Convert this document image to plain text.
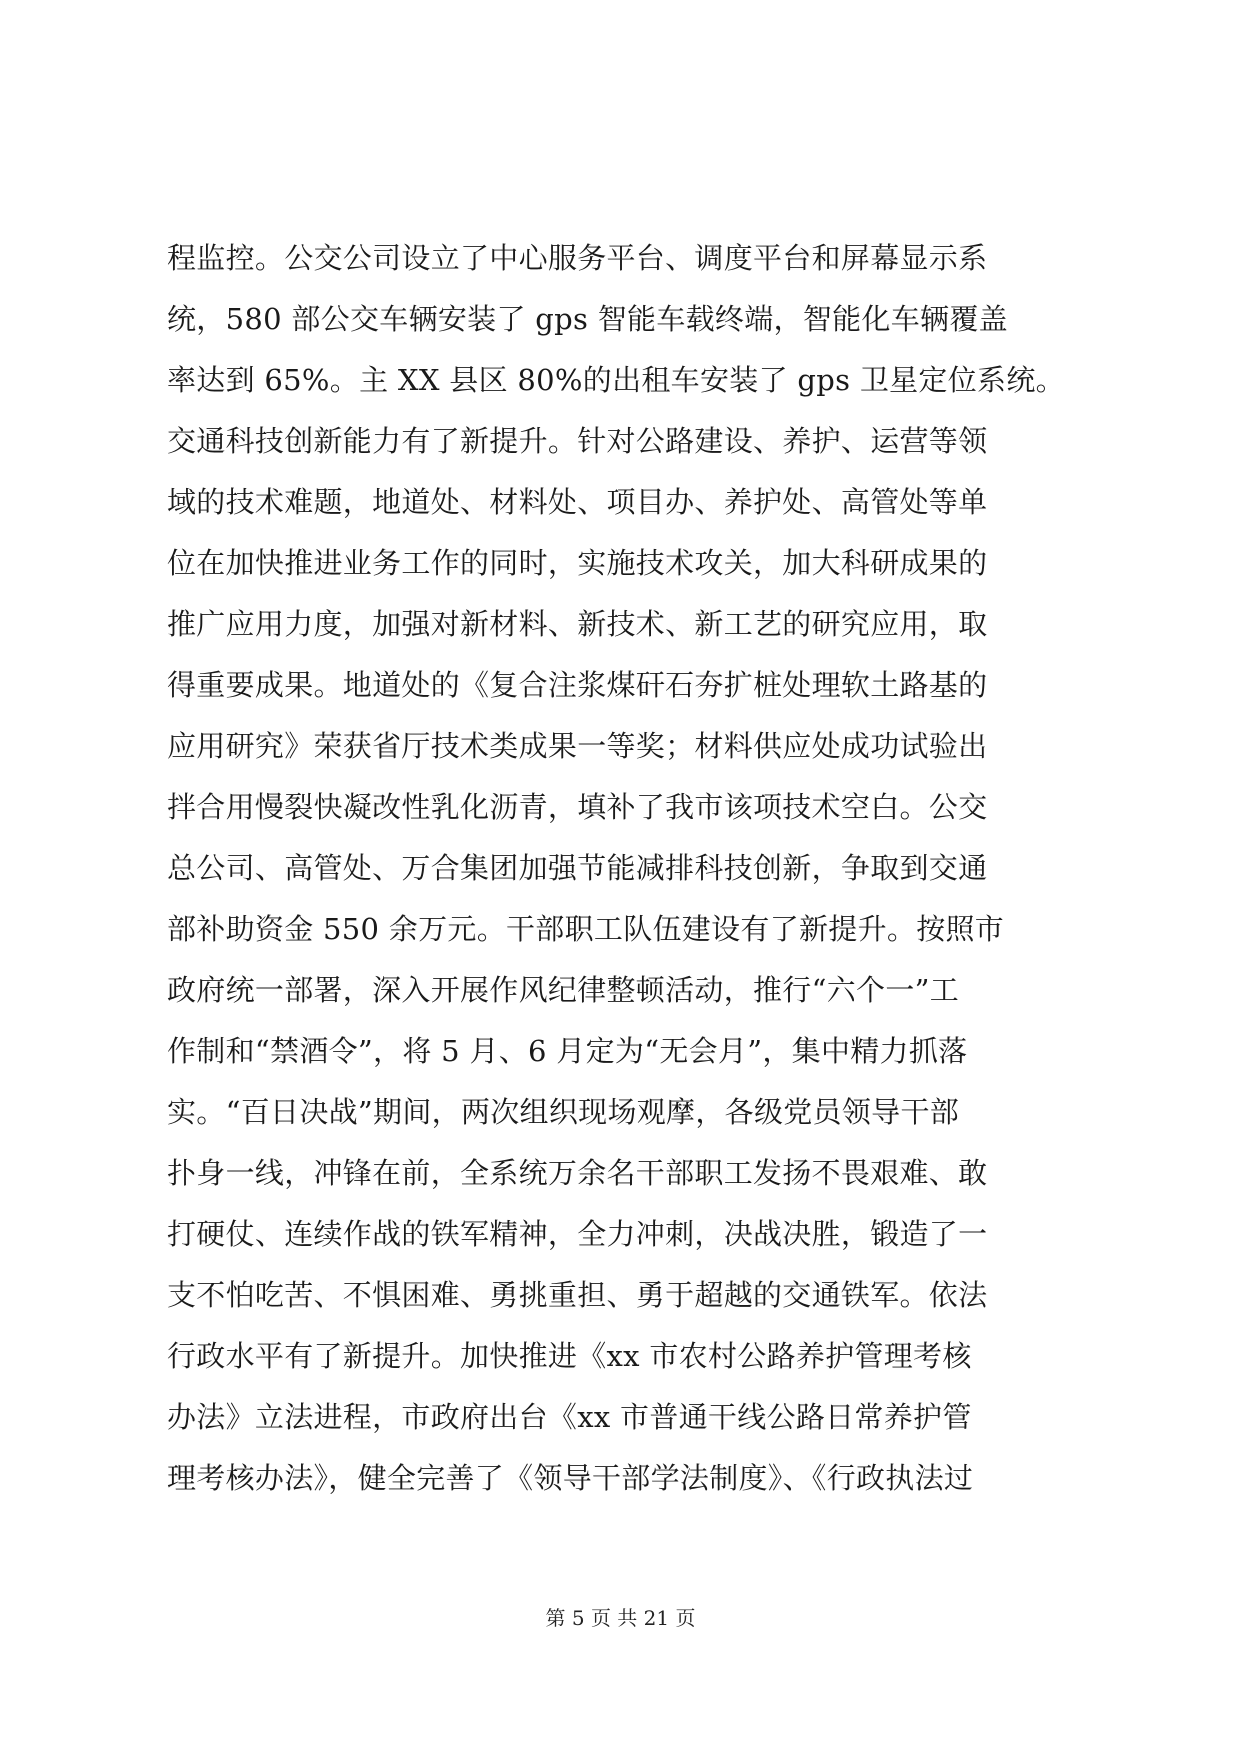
程监控。公交公司设立了中心服务平台、调度平台和屏幕显示系
统，580 部公交车辆安装了 gps 智能车载终端，智能化车辆覆盖
率达到 65%。主 XX 县区 80%的出租车安装了 gps 卫星定位系统。
交通科技创新能力有了新提升。针对公路建设、养护、运营等领
域的技术难题，地道处、材料处、项目办、养护处、高管处等单
位在加快推进业务工作的同时，实施技术攻关，加大科研成果的
推广应用力度，加强对新材料、新技术、新工艺的研究应用，取
得重要成果。地道处的《复合注浆煤矸石夯扩桩处理软土路基的
应用研究》荣获省厅技术类成果一等奖；材料供应处成功试验出
拌合用慢裂快凝改性乳化沥青，填补了我市该项技术空白。公交
总公司、高管处、万合集团加强节能减排科技创新，争取到交通
部补助资金 550 余万元。干部职工队伍建设有了新提升。按照市
政府统一部署，深入开展作风纪律整顿活动，推行“六个一”工
作制和“禁酒令”，将 5 月、6 月定为“无会月”，集中精力抓落
实。“百日决战”期间，两次组织现场观摩，各级党员领导干部
扑身一线，冲锋在前，全系统万余名干部职工发扬不畏艰难、敢
打硬仗、连续作战的铁军精神，全力冲刺，决战决胜，锻造了一
支不怕吃苦、不惧困难、勇挑重担、勇于超越的交通铁军。依法
行政水平有了新提升。加快推进《xx 市农村公路养护管理考核
办法》立法进程，市政府出台《xx 市普通干线公路日常养护管
理考核办法》，健全完善了《领导干部学法制度》、《行政执法过
第 5 页 共 21 页
